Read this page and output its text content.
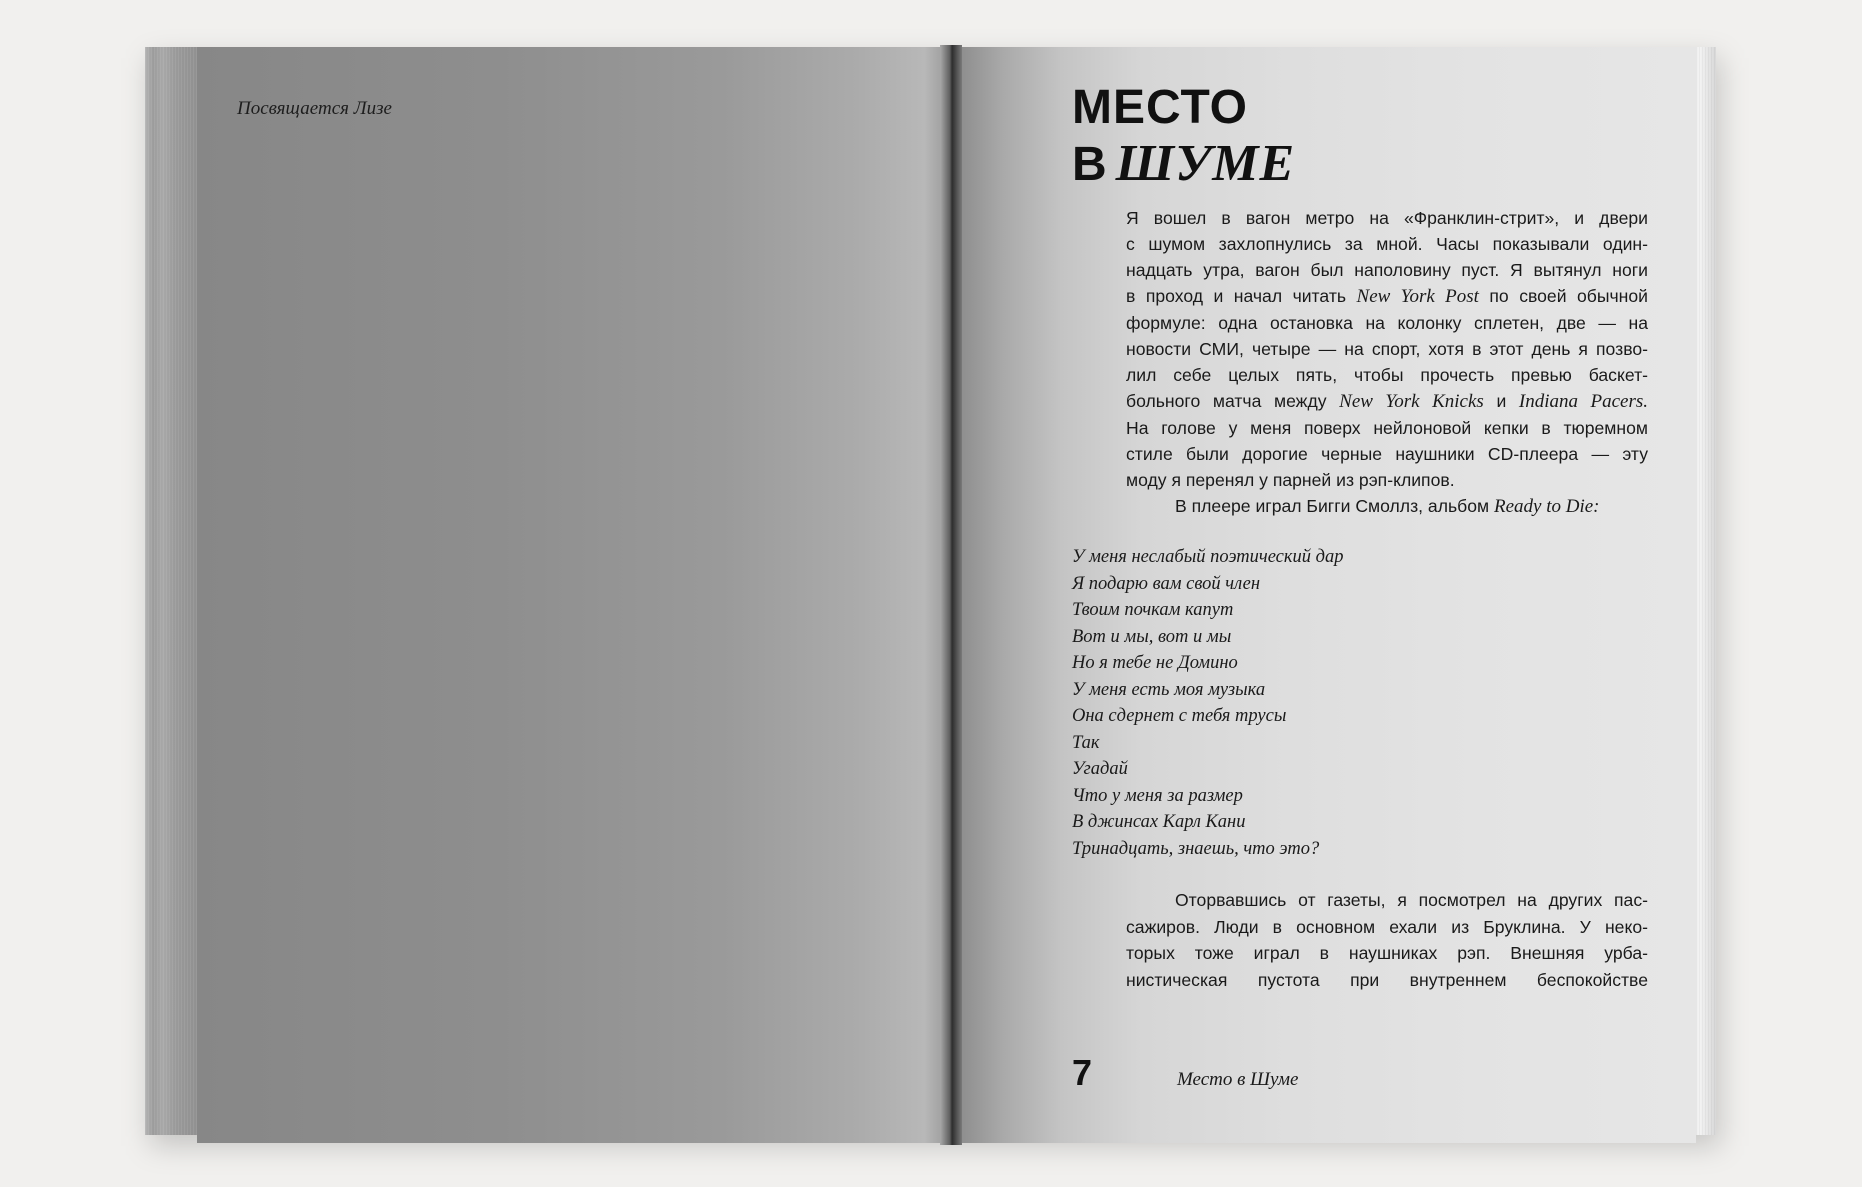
Посвящается Лизе	МЕСТО
В ШУМЕ

Я вошел в вагон метро на «Франклин-стрит», и двери
с шумом захлопнулись за мной. Часы показывали один-
надцать утра, вагон был наполовину пуст. Я вытянул ноги
в проход и начал читать New York Post по своей обычной
формуле: одна остановка на колонку сплетен, две — на
новости СМИ, четыре — на спорт, хотя в этот день я позво-
лил себе целых пять, чтобы прочесть превью баскет-
больного матча между New York Knicks и Indiana Pacers.
На голове у меня поверх нейлоновой кепки в тюремном
стиле были дорогие черные наушники CD-плеера — эту
моду я перенял у парней из рэп-клипов.
В плеере играл Бигги Смоллз, альбом Ready to Die:

У меня неслабый поэтический дар
Я подарю вам свой член
Твоим почкам капут
Вот и мы, вот и мы
Но я тебе не Домино
У меня есть моя музыка
Она сдернет с тебя трусы
Так
Угадай
Что у меня за размер
В джинсах Карл Кани
Тринадцать, знаешь, что это?

Оторвавшись от газеты, я посмотрел на других пас-
сажиров. Люди в основном ехали из Бруклина. У неко-
торых тоже играл в наушниках рэп. Внешняя урба-
нистическая пустота при внутреннем беспокойстве

7	Место в Шуме
